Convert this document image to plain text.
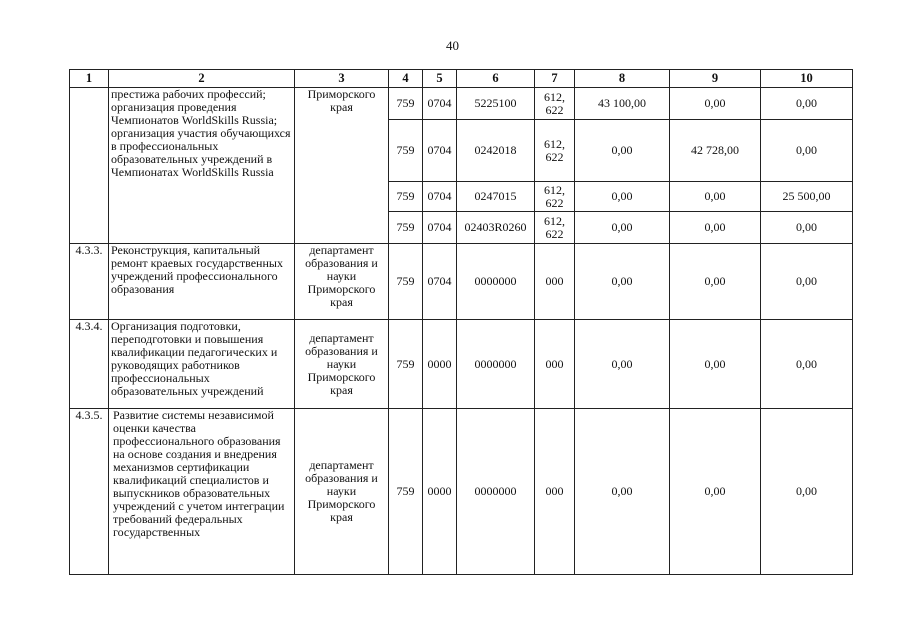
40
1	2	3	4	5	6	7	8	9	10
	престижа рабочих профессий; организация проведения Чемпионатов WorldSkills Russia; организация участия обучающихся в профессиональных образовательных учреждений в Чемпионатах WorldSkills Russia	Приморского края	759	0704	5225100	612, 622	43 100,00	0,00	0,00
			759	0704	0242018	612, 622	0,00	42 728,00	0,00
			759	0704	0247015	612, 622	0,00	0,00	25 500,00
			759	0704	02403R0260	612, 622	0,00	0,00	0,00
4.3.3.	Реконструкция, капитальный ремонт краевых государственных учреждений профессионального образования	департамент образования и науки Приморского края	759	0704	0000000	000	0,00	0,00	0,00
4.3.4.	Организация подготовки, переподготовки и повышения квалификации педагогических и руководящих работников профессиональных образовательных учреждений	департамент образования и науки Приморского края	759	0000	0000000	000	0,00	0,00	0,00
4.3.5.	Развитие системы независимой оценки качества профессионального образования на основе создания и внедрения механизмов сертификации квалификаций специалистов и выпускников образовательных учреждений с учетом интеграции требований федеральных государственных	департамент образования и науки Приморского края	759	0000	0000000	000	0,00	0,00	0,00
